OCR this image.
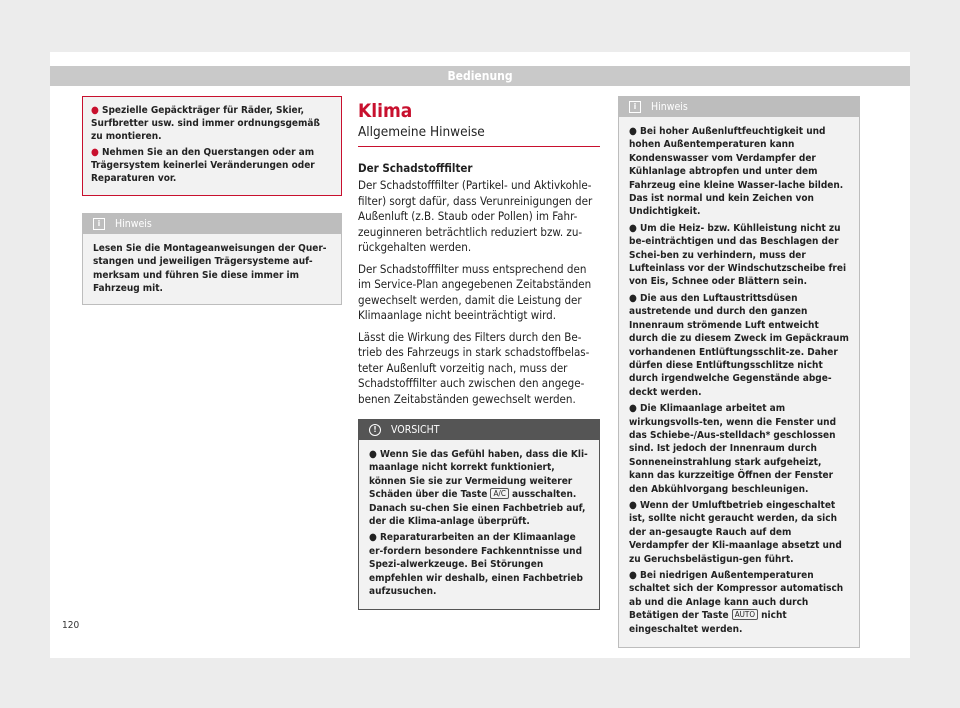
Bedienung
● Spezielle Gepäckträger für Räder, Skier, Surfbretter usw. sind immer ordnungsgemäß zu montieren.
● Nehmen Sie an den Querstangen oder am Trägersystem keinerlei Veränderungen oder Reparaturen vor.
i	Hinweis
Lesen Sie die Montageanweisungen der Quer-stangen und jeweiligen Trägersysteme auf-merksam und führen Sie diese immer im Fahrzeug mit.
Klima
Allgemeine Hinweise
Der Schadstofffilter

Der Schadstofffilter (Partikel- und Aktivkohle-filter) sorgt dafür, dass Verunreinigungen der Außenluft (z.B. Staub oder Pollen) im Fahr-zeuginneren beträchtlich reduziert bzw. zu-rückgehalten werden.

Der Schadstofffilter muss entsprechend den im Service-Plan angegebenen Zeitabständen gewechselt werden, damit die Leistung der Klimaanlage nicht beeinträchtigt wird.

Lässt die Wirkung des Filters durch den Be-trieb des Fahrzeugs in stark schadstoffbelas-teter Außenluft vorzeitig nach, muss der Schadstofffilter auch zwischen den angege-benen Zeitabständen gewechselt werden.

!	VORSICHT
● Wenn Sie das Gefühl haben, dass die Kli-maanlage nicht korrekt funktioniert, können Sie sie zur Vermeidung weiterer Schäden über die Taste A/C ausschalten. Danach su-chen Sie einen Fachbetrieb auf, der die Klima-anlage überprüft.
● Reparaturarbeiten an der Klimaanlage er-fordern besondere Fachkenntnisse und Spezi-alwerkzeuge. Bei Störungen empfehlen wir deshalb, einen Fachbetrieb aufzusuchen.
i	Hinweis
● Bei hoher Außenluftfeuchtigkeit und hohen Außentemperaturen kann Kondenswasser vom Verdampfer der Kühlanlage abtropfen und unter dem Fahrzeug eine kleine Wasser-lache bilden. Das ist normal und kein Zeichen von Undichtigkeit.
● Um die Heiz- bzw. Kühlleistung nicht zu be-einträchtigen und das Beschlagen der Schei-ben zu verhindern, muss der Lufteinlass vor der Windschutzscheibe frei von Eis, Schnee oder Blättern sein.
● Die aus den Luftaustrittsdüsen austretende und durch den ganzen Innenraum strömende Luft entweicht durch die zu diesem Zweck im Gepäckraum vorhandenen Entlüftungsschlit-ze. Daher dürfen diese Entlüftungsschlitze nicht durch irgendwelche Gegenstände abge-deckt werden.
● Die Klimaanlage arbeitet am wirkungsvolls-ten, wenn die Fenster und das Schiebe-/Aus-stelldach* geschlossen sind. Ist jedoch der Innenraum durch Sonneneinstrahlung stark aufgeheizt, kann das kurzzeitige Öffnen der Fenster den Abkühlvorgang beschleunigen.
● Wenn der Umluftbetrieb eingeschaltet ist, sollte nicht geraucht werden, da sich der an-gesaugte Rauch auf dem Verdampfer der Kli-maanlage absetzt und zu Geruchsbelästigun-gen führt.
● Bei niedrigen Außentemperaturen schaltet sich der Kompressor automatisch ab und die Anlage kann auch durch Betätigen der Taste AUTO nicht eingeschaltet werden.
120
